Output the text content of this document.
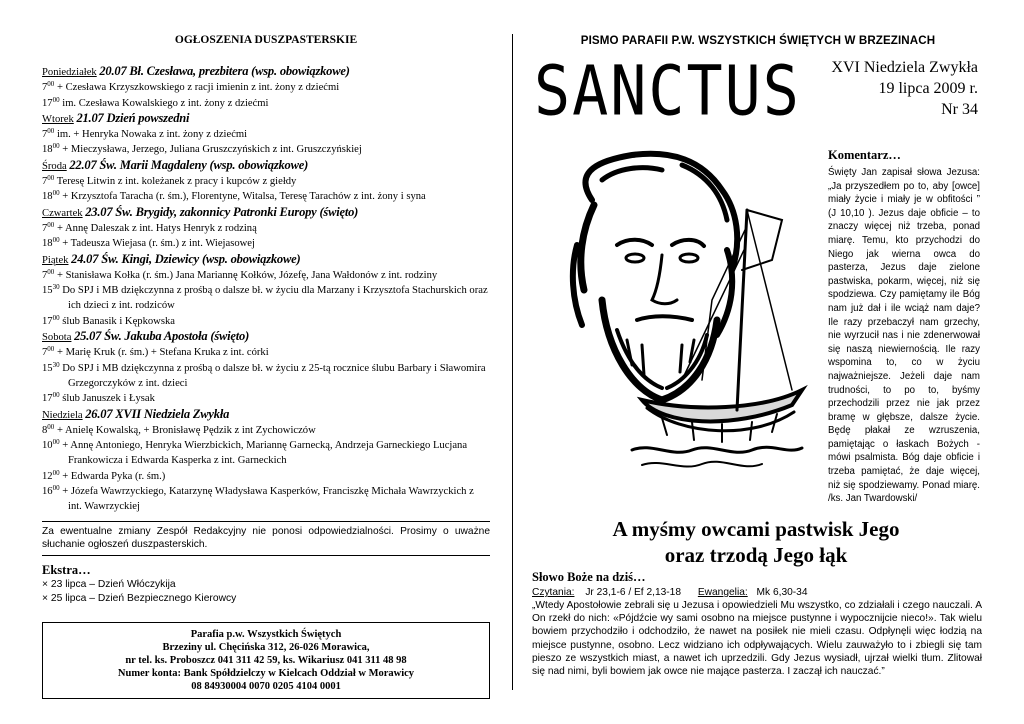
OGŁOSZENIA DUSZPASTERSKIE
Poniedziałek 20.07 Bł. Czesława, prezbitera (wsp. obowiązkowe)
$7^{00}$ + Czesława Krzyszkowskiego z racji imienin z int. żony z dziećmi
$17^{00}$ im. Czesława Kowalskiego z int. żony z dziećmi
Wtorek 21.07 Dzień powszedni
$7^{00}$ im. + Henryka Nowaka z int. żony z dziećmi
$18^{00}$ + Mieczysława, Jerzego, Juliana Gruszczyńskich z int. Gruszczyńskiej
Środa 22.07 Św. Marii Magdaleny (wsp. obowiązkowe)
$7^{00}$ Teresę Litwin z int. koleżanek z pracy i kupców z giełdy
$18^{00}$ + Krzysztofa Taracha (r. śm.), Florentyne, Witalsa, Teresę Tarachów z int. żony i syna
Czwartek 23.07 Św. Brygidy, zakonnicy Patronki Europy (święto)
$7^{00}$ + Annę Daleszak z int. Hatys Henryk z rodziną
$18^{00}$ + Tadeusza Wiejasa (r. śm.) z int. Wiejasowej
Piątek 24.07 Św. Kingi, Dziewicy (wsp. obowiązkowe)
$7^{00}$ + Stanisława Kołka (r. śm.) Jana Mariannę Kołków, Józefę, Jana Wałdonów z int. rodziny
$15^{30}$ Do SPJ i MB dziękczynna z prośbą o dalsze bł. w życiu dla Marzany i Krzysztofa Stachurskich oraz ich dzieci z int. rodziców
$17^{00}$ ślub Banasik i Kępkowska
Sobota 25.07 Św. Jakuba Apostoła (święto)
$7^{00}$ + Marię Kruk (r. śm.) + Stefana Kruka z int. córki
$15^{30}$ Do SPJ i MB dziękczynna z prośbą o dalsze bł. w życiu z 25-tą rocznice ślubu Barbary i Sławomira Grzegorczyków z int. dzieci
$17^{00}$ ślub Januszek i Łysak
Niedziela 26.07 XVII Niedziela Zwykła
$8^{00}$ + Anielę Kowalską, + Bronisławę Pędzik z int Zychowiczów
$10^{00}$ + Annę Antoniego, Henryka Wierzbickich, Mariannę Garnecką, Andrzeja Garneckiego Lucjana Frankowicza i Edwarda Kasperka z int. Garneckich
$12^{00}$ + Edwarda Pyka (r. śm.)
$16^{00}$ + Józefa Wawrzyckiego, Katarzynę Władysława Kasperków, Franciszkę Michała Wawrzyckich z int. Wawrzyckiej
Za ewentualne zmiany Zespół Redakcyjny nie ponosi odpowiedzialności. Prosimy o uważne słuchanie ogłoszeń duszpasterskich.
Ekstra…
× 23 lipca – Dzień Włóczykija
× 25 lipca – Dzień Bezpiecznego Kierowcy
Parafia p.w. Wszystkich Świętych
Brzeziny ul. Chęcińska 312, 26-026 Morawica,
nr tel. ks. Proboszcz 041 311 42 59, ks. Wikariusz 041 311 48 98
Numer konta: Bank Spółdzielczy w Kielcach Oddział w Morawicy
08 84930004 0070 0205 4104 0001
PISMO PARAFII P.W. WSZYSTKICH ŚWIĘTYCH W BRZEZINACH
SANCTUS XVI Niedziela Zwykła
19 lipca 2009 r.
Nr 34
Komentarz…
Święty Jan zapisał słowa Jezusa: „Ja przyszedłem po to, aby [owce] miały życie i miały je w obfitości ” (J 10,10 ). Jezus daje obficie – to znaczy więcej niż trzeba, ponad miarę. Temu, kto przychodzi do Niego jak wierna owca do pasterza, Jezus daje zielone pastwiska, pokarm, więcej, niż się spodziewa. Czy pamiętamy ile Bóg nam już dał i ile wciąż nam daje? Ile razy przebaczył nam grzechy, nie wyrzucił nas i nie zdenerwował się naszą niewiernością. Ile razy wspomina to, co w życiu najważniejsze. Jeżeli daje nam trudności, to po to, byśmy przechodzili przez nie jak przez bramę w głębsze, dalsze życie. Będę płakał ze wzruszenia, pamiętając o łaskach Bożych - mówi psalmista. Bóg daje obficie i trzeba pamiętać, że daje więcej, niż się spodziewamy. Ponad miarę. /ks. Jan Twardowski/
A myśmy owcami pastwisk Jego
oraz trzodą Jego łąk
Słowo Boże na dziś…
Czytania: Jr 23,1-6 / Ef 2,13-18 Ewangelia: Mk 6,30-34
„Wtedy Apostołowie zebrali się u Jezusa i opowiedzieli Mu wszystko, co zdziałali i czego nauczali. A On rzekł do nich: «Pójdźcie wy sami osobno na miejsce pustynne i wypocznijcie nieco!». Tak wielu bowiem przychodziło i odchodziło, że nawet na posiłek nie mieli czasu. Odpłynęli więc łodzią na miejsce pustynne, osobno. Lecz widziano ich odpływających. Wielu zauważyło to i zbiegli się tam pieszo ze wszystkich miast, a nawet ich uprzedzili. Gdy Jezus wysiadł, ujrzał wielki tłum. Zlitował się nad nimi, byli bowiem jak owce nie mające pasterza. I zaczął ich nauczać.”
